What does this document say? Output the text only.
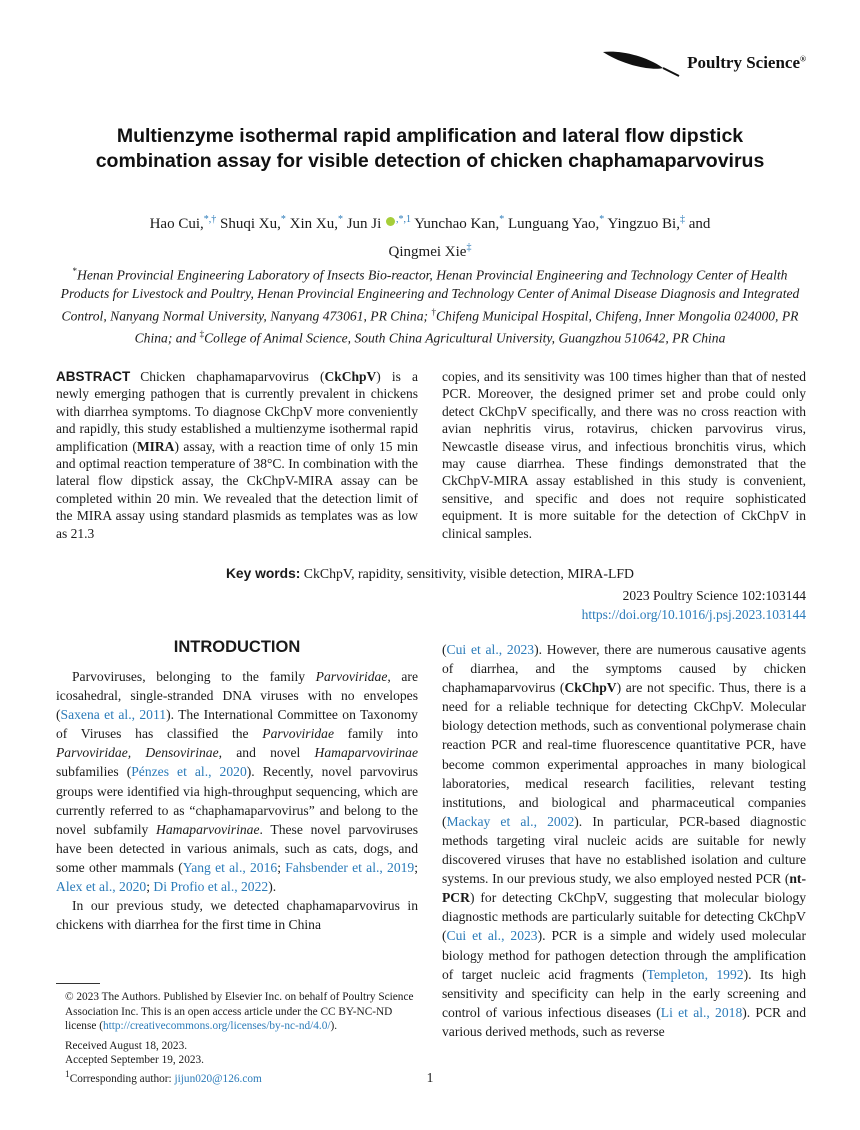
Poultry Science®
Multienzyme isothermal rapid amplification and lateral flow dipstick
combination assay for visible detection of chicken chaphamaparvovirus
Hao Cui,*,† Shuqi Xu,* Xin Xu,* Jun Ji $^{,*,1}$ Yunchao Kan,* Lunguang Yao,* Yingzuo Bi,‡ and
Qingmei Xie‡
*Henan Provincial Engineering Laboratory of Insects Bio-reactor, Henan Provincial Engineering and Technology Center of Health Products for Livestock and Poultry, Henan Provincial Engineering and Technology Center of Animal Disease Diagnosis and Integrated Control, Nanyang Normal University, Nanyang 473061, PR China; †Chifeng Municipal Hospital, Chifeng, Inner Mongolia 024000, PR China; and ‡College of Animal Science, South China Agricultural University, Guangzhou 510642, PR China
ABSTRACT Chicken chaphamaparvovirus (CkChpV) is a newly emerging pathogen that is currently prevalent in chickens with diarrhea symptoms. To diagnose CkChpV more conveniently and rapidly, this study established a multienzyme isothermal rapid amplification (MIRA) assay, with a reaction time of only 15 min and optimal reaction temperature of 38°C. In combination with the lateral flow dipstick assay, the CkChpV-MIRA assay can be completed within 20 min. We revealed that the detection limit of the MIRA assay using standard plasmids as templates was as low as 21.3
copies, and its sensitivity was 100 times higher than that of nested PCR. Moreover, the designed primer set and probe could only detect CkChpV specifically, and there was no cross reaction with avian nephritis virus, rotavirus, chicken parvovirus virus, Newcastle disease virus, and infectious bronchitis virus, which may cause diarrhea. These findings demonstrated that the CkChpV-MIRA assay established in this study is convenient, sensitive, and specific and does not require sophisticated equipment. It is more suitable for the detection of CkChpV in clinical samples.
Key words: CkChpV, rapidity, sensitivity, visible detection, MIRA-LFD
2023 Poultry Science 102:103144
https://doi.org/10.1016/j.psj.2023.103144
INTRODUCTION

Parvoviruses, belonging to the family Parvoviridae, are icosahedral, single-stranded DNA viruses with no envelopes (Saxena et al., 2011). The International Committee on Taxonomy of Viruses has classified the Parvoviridae family into Parvoviridae, Densovirinae, and novel Hamaparvovirinae subfamilies (Pénzes et al., 2020). Recently, novel parvovirus groups were identified via high-throughput sequencing, which are currently referred to as “chaphamaparvovirus” and belong to the novel subfamily Hamaparvovirinae. These novel parvoviruses have been detected in various animals, such as cats, dogs, and some other mammals (Yang et al., 2016; Fahsbender et al., 2019; Alex et al., 2020; Di Profio et al., 2022).

In our previous study, we detected chaphamaparvovirus in chickens with diarrhea for the first time in China

(Cui et al., 2023). However, there are numerous causative agents of diarrhea, and the symptoms caused by chicken chaphamaparvovirus (CkChpV) are not specific. Thus, there is a need for a reliable technique for detecting CkChpV. Molecular biology detection methods, such as conventional polymerase chain reaction PCR and real-time fluorescence quantitative PCR, have become common experimental approaches in many biological laboratories, medical research facilities, relevant testing institutions, and biological and pharmaceutical companies (Mackay et al., 2002). In particular, PCR-based diagnostic methods targeting viral nucleic acids are suitable for newly discovered viruses that have no established isolation and culture systems. In our previous study, we also employed nested PCR (nt-PCR) for detecting CkChpV, suggesting that molecular biology diagnostic methods are particularly suitable for detecting CkChpV (Cui et al., 2023). PCR is a simple and widely used molecular biology method for pathogen detection through the amplification of target nucleic acid fragments (Templeton, 1992). Its high sensitivity and specificity can help in the early screening and control of various infectious diseases (Li et al., 2018). PCR and various derived methods, such as reverse

© 2023 The Authors. Published by Elsevier Inc. on behalf of Poultry Science Association Inc. This is an open access article under the CC BY-NC-ND license (http://creativecommons.org/licenses/by-nc-nd/4.0/).

Received August 18, 2023.

Accepted September 19, 2023.

$^1$Corresponding author: jijun020@126.com	1
